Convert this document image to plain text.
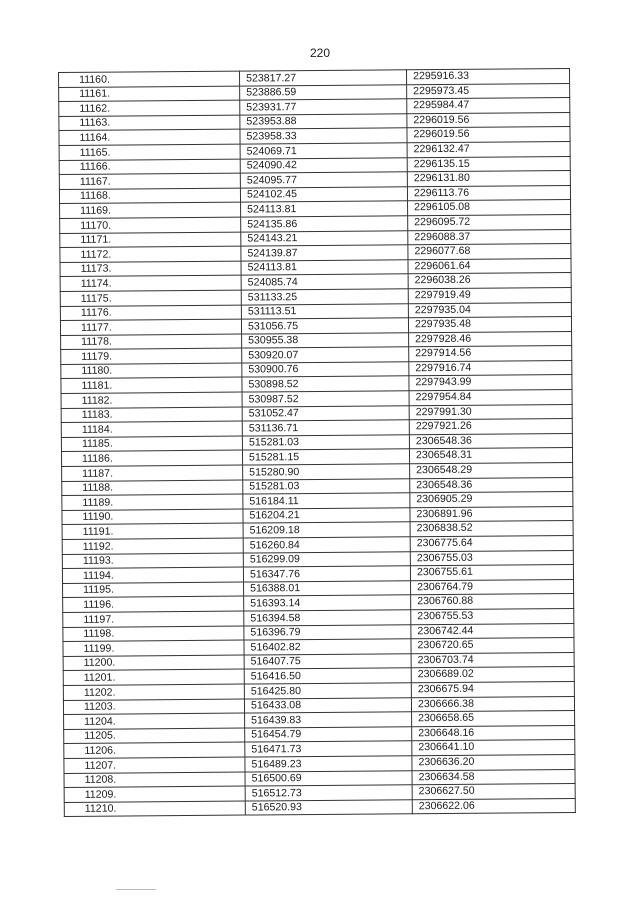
220
11160.	523817.27	2295916.33
11161.	523886.59	2295973.45
11162.	523931.77	2295984.47
11163.	523953.88	2296019.56
11164.	523958.33	2296019.56
11165.	524069.71	2296132.47
11166.	524090.42	2296135.15
11167.	524095.77	2296131.80
11168.	524102.45	2296113.76
11169.	524113.81	2296105.08
11170.	524135.86	2296095.72
11171.	524143.21	2296088.37
11172.	524139.87	2296077.68
11173.	524113.81	2296061.64
11174.	524085.74	2296038.26
11175.	531133.25	2297919.49
11176.	531113.51	2297935.04
11177.	531056.75	2297935.48
11178.	530955.38	2297928.46
11179.	530920.07	2297914.56
11180.	530900.76	2297916.74
11181.	530898.52	2297943.99
11182.	530987.52	2297954.84
11183.	531052.47	2297991.30
11184.	531136.71	2297921.26
11185.	515281.03	2306548.36
11186.	515281.15	2306548.31
11187.	515280.90	2306548.29
11188.	515281.03	2306548.36
11189.	516184.11	2306905.29
11190.	516204.21	2306891.96
11191.	516209.18	2306838.52
11192.	516260.84	2306775.64
11193.	516299.09	2306755.03
11194.	516347.76	2306755.61
11195.	516388.01	2306764.79
11196.	516393.14	2306760.88
11197.	516394.58	2306755.53
11198.	516396.79	2306742.44
11199.	516402.82	2306720.65
11200.	516407.75	2306703.74
11201.	516416.50	2306689.02
11202.	516425.80	2306675.94
11203.	516433.08	2306666.38
11204.	516439.83	2306658.65
11205.	516454.79	2306648.16
11206.	516471.73	2306641.10
11207.	516489.23	2306636.20
11208.	516500.69	2306634.58
11209.	516512.73	2306627.50
11210.	516520.93	2306622.06
